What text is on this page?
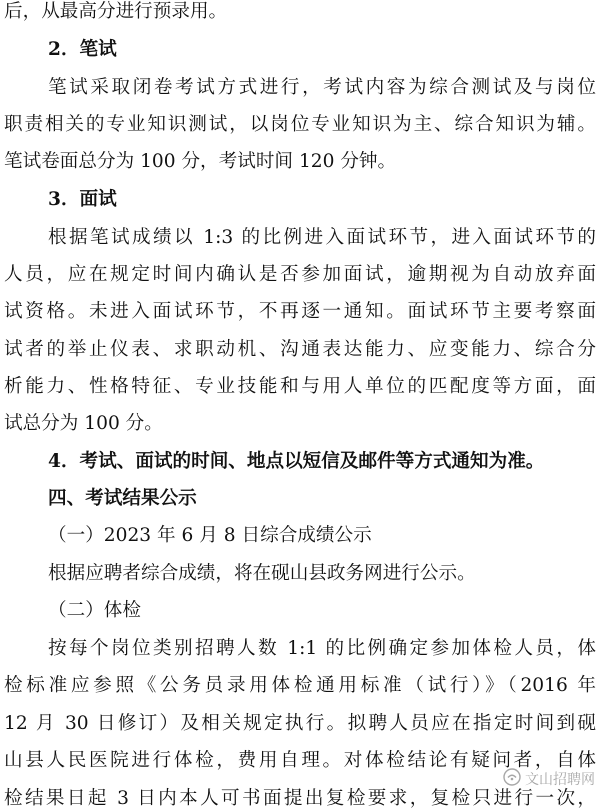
后，从最高分进行预录用。
2．笔试
笔试采取闭卷考试方式进行，考试内容为综合测试及与岗位
职责相关的专业知识测试，以岗位专业知识为主、综合知识为辅。
笔试卷面总分为 100 分，考试时间 120 分钟。
3．面试
根据笔试成绩以 1:3 的比例进入面试环节，进入面试环节的
人员，应在规定时间内确认是否参加面试，逾期视为自动放弃面
试资格。未进入面试环节，不再逐一通知。面试环节主要考察面
试者的举止仪表、求职动机、沟通表达能力、应变能力、综合分
析能力、性格特征、专业技能和与用人单位的匹配度等方面，面
试总分为 100 分。
4．考试、面试的时间、地点以短信及邮件等方式通知为准。
四、考试结果公示
（一）2023 年 6 月 8 日综合成绩公示
根据应聘者综合成绩，将在砚山县政务网进行公示。
（二）体检
按每个岗位类别招聘人数 1:1 的比例确定参加体检人员，体
检标准应参照《公务员录用体检通用标准（试行）》（2016 年
12 月 30 日修订）及相关规定执行。拟聘人员应在指定时间到砚
山县人民医院进行体检，费用自理。对体检结论有疑问者，自体
检结果日起 3 日内本人可书面提出复检要求，复检只进行一次，
文山招聘网
